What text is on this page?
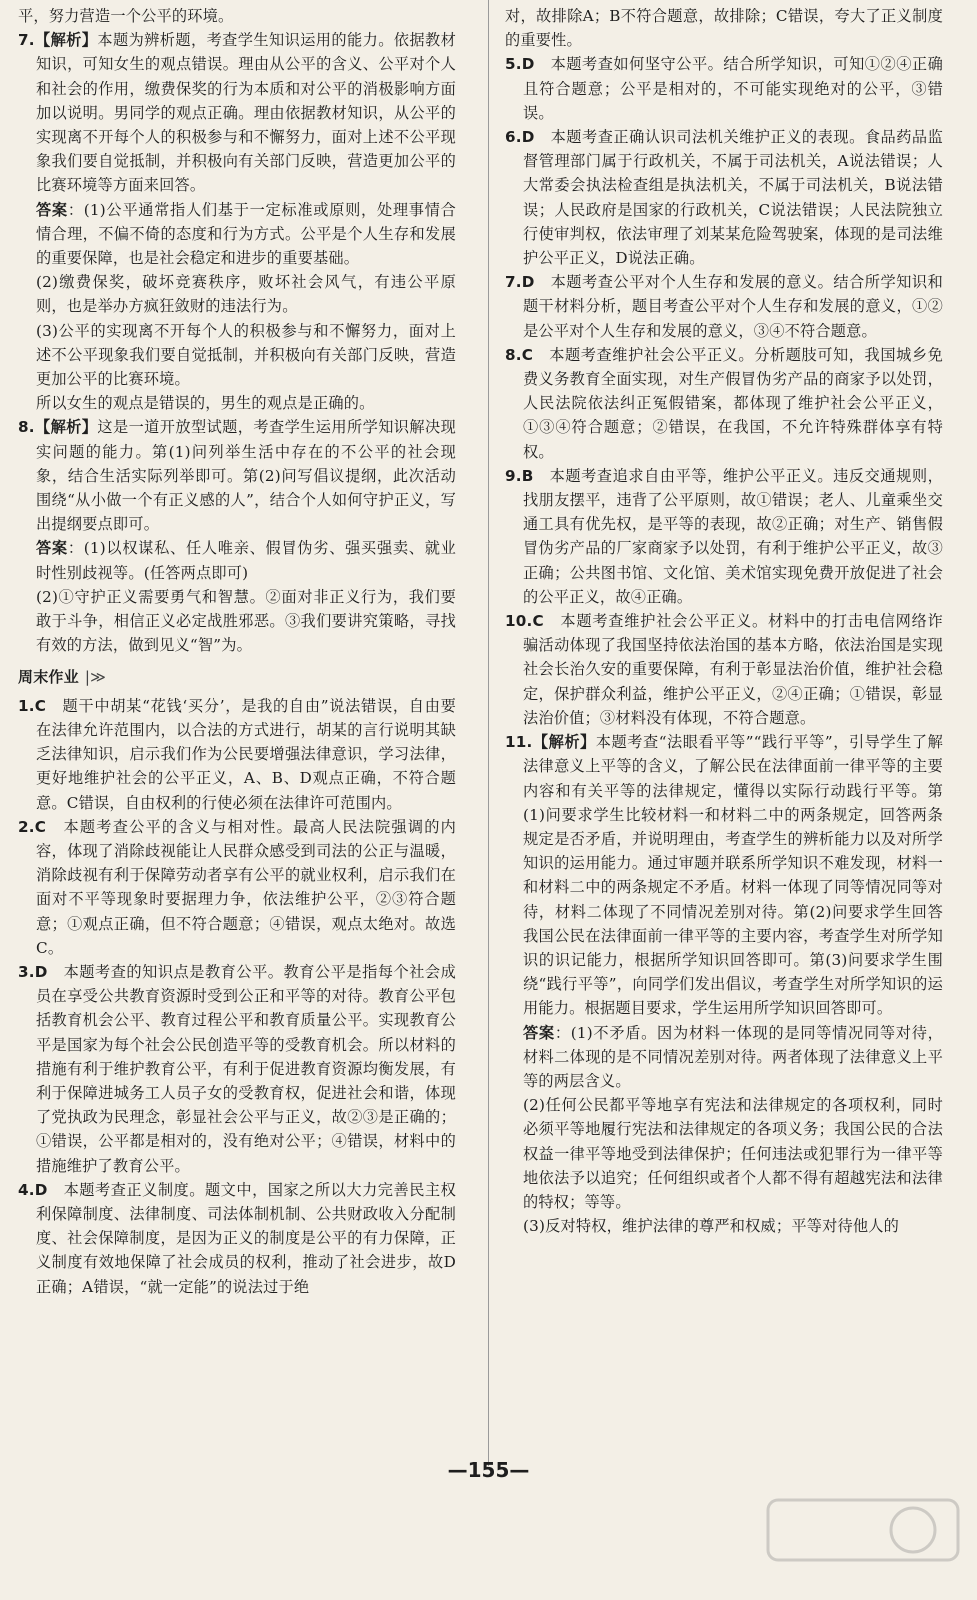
平，努力营造一个公平的环境。

7.【解析】本题为辨析题，考查学生知识运用的能力。依据教材知识，可知女生的观点错误。理由从公平的含义、公平对个人和社会的作用，缴费保奖的行为本质和对公平的消极影响方面加以说明。男同学的观点正确。理由依据教材知识，从公平的实现离不开每个人的积极参与和不懈努力，面对上述不公平现象我们要自觉抵制，并积极向有关部门反映，营造更加公平的比赛环境等方面来回答。

答案：(1)公平通常指人们基于一定标准或原则，处理事情合情合理，不偏不倚的态度和行为方式。公平是个人生存和发展的重要保障，也是社会稳定和进步的重要基础。

(2)缴费保奖，破坏竞赛秩序，败坏社会风气，有违公平原则，也是举办方疯狂敛财的违法行为。

(3)公平的实现离不开每个人的积极参与和不懈努力，面对上述不公平现象我们要自觉抵制，并积极向有关部门反映，营造更加公平的比赛环境。

所以女生的观点是错误的，男生的观点是正确的。

8.【解析】这是一道开放型试题，考查学生运用所学知识解决现实问题的能力。第(1)问列举生活中存在的不公平的社会现象，结合生活实际列举即可。第(2)问写倡议提纲，此次活动围绕“从小做一个有正义感的人”，结合个人如何守护正义，写出提纲要点即可。

答案：(1)以权谋私、任人唯亲、假冒伪劣、强买强卖、就业时性别歧视等。(任答两点即可)

(2)①守护正义需要勇气和智慧。②面对非正义行为，我们要敢于斗争，相信正义必定战胜邪恶。③我们要讲究策略，寻找有效的方法，做到见义“智”为。

周末作业 |≫

1.C　题干中胡某“花钱‘买分’，是我的自由”说法错误，自由要在法律允许范围内，以合法的方式进行，胡某的言行说明其缺乏法律知识，启示我们作为公民要增强法律意识，学习法律，更好地维护社会的公平正义，A、B、D观点正确，不符合题意。C错误，自由权利的行使必须在法律许可范围内。

2.C　本题考查公平的含义与相对性。最高人民法院强调的内容，体现了消除歧视能让人民群众感受到司法的公正与温暖，消除歧视有利于保障劳动者享有公平的就业权利，启示我们在面对不平等现象时要据理力争，依法维护公平，②③符合题意；①观点正确，但不符合题意；④错误，观点太绝对。故选C。

3.D　本题考查的知识点是教育公平。教育公平是指每个社会成员在享受公共教育资源时受到公正和平等的对待。教育公平包括教育机会公平、教育过程公平和教育质量公平。实现教育公平是国家为每个社会公民创造平等的受教育机会。所以材料的措施有利于维护教育公平，有利于促进教育资源均衡发展，有利于保障进城务工人员子女的受教育权，促进社会和谐，体现了党执政为民理念，彰显社会公平与正义，故②③是正确的；①错误，公平都是相对的，没有绝对公平；④错误，材料中的措施维护了教育公平。

4.D　本题考查正义制度。题文中，国家之所以大力完善民主权利保障制度、法律制度、司法体制机制、公共财政收入分配制度、社会保障制度，是因为正义的制度是公平的有力保障，正义制度有效地保障了社会成员的权利，推动了社会进步，故D正确；A错误，“就一定能”的说法过于绝

对，故排除A；B不符合题意，故排除；C错误，夸大了正义制度的重要性。

5.D　本题考查如何坚守公平。结合所学知识，可知①②④正确且符合题意；公平是相对的，不可能实现绝对的公平，③错误。

6.D　本题考查正确认识司法机关维护正义的表现。食品药品监督管理部门属于行政机关，不属于司法机关，A说法错误；人大常委会执法检查组是执法机关，不属于司法机关，B说法错误；人民政府是国家的行政机关，C说法错误；人民法院独立行使审判权，依法审理了刘某某危险驾驶案，体现的是司法维护公平正义，D说法正确。

7.D　本题考查公平对个人生存和发展的意义。结合所学知识和题干材料分析，题目考查公平对个人生存和发展的意义，①②是公平对个人生存和发展的意义，③④不符合题意。

8.C　本题考查维护社会公平正义。分析题肢可知，我国城乡免费义务教育全面实现，对生产假冒伪劣产品的商家予以处罚，人民法院依法纠正冤假错案，都体现了维护社会公平正义，①③④符合题意；②错误，在我国，不允许特殊群体享有特权。

9.B　本题考查追求自由平等，维护公平正义。违反交通规则，找朋友摆平，违背了公平原则，故①错误；老人、儿童乘坐交通工具有优先权，是平等的表现，故②正确；对生产、销售假冒伪劣产品的厂家商家予以处罚，有利于维护公平正义，故③正确；公共图书馆、文化馆、美术馆实现免费开放促进了社会的公平正义，故④正确。

10.C　本题考查维护社会公平正义。材料中的打击电信网络诈骗活动体现了我国坚持依法治国的基本方略，依法治国是实现社会长治久安的重要保障，有利于彰显法治价值，维护社会稳定，保护群众利益，维护公平正义，②④正确；①错误，彰显法治价值；③材料没有体现，不符合题意。

11.【解析】本题考查“法眼看平等”“践行平等”，引导学生了解法律意义上平等的含义，了解公民在法律面前一律平等的主要内容和有关平等的法律规定，懂得以实际行动践行平等。第(1)问要求学生比较材料一和材料二中的两条规定，回答两条规定是否矛盾，并说明理由，考查学生的辨析能力以及对所学知识的运用能力。通过审题并联系所学知识不难发现，材料一和材料二中的两条规定不矛盾。材料一体现了同等情况同等对待，材料二体现了不同情况差别对待。第(2)问要求学生回答我国公民在法律面前一律平等的主要内容，考查学生对所学知识的识记能力，根据所学知识回答即可。第(3)问要求学生围绕“践行平等”，向同学们发出倡议，考查学生对所学知识的运用能力。根据题目要求，学生运用所学知识回答即可。

答案：(1)不矛盾。因为材料一体现的是同等情况同等对待，材料二体现的是不同情况差别对待。两者体现了法律意义上平等的两层含义。

(2)任何公民都平等地享有宪法和法律规定的各项权利，同时必须平等地履行宪法和法律规定的各项义务；我国公民的合法权益一律平等地受到法律保护；任何违法或犯罪行为一律平等地依法予以追究；任何组织或者个人都不得有超越宪法和法律的特权；等等。

(3)反对特权，维护法律的尊严和权威；平等对待他人的

—155—
